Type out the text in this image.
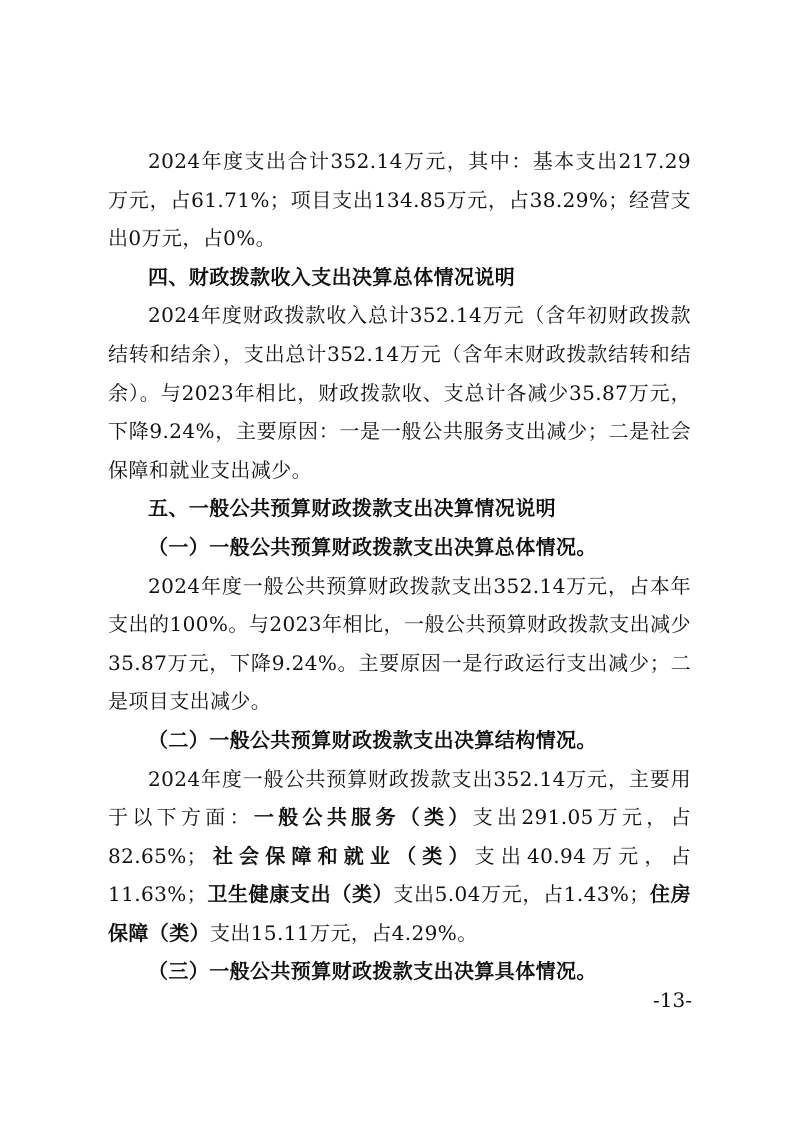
2024年度支出合计352.14万元，其中：基本支出217.29万元，占61.71%；项目支出134.85万元，占38.29%；经营支出0万元，占0%。

四、财政拨款收入支出决算总体情况说明

2024年度财政拨款收入总计352.14万元（含年初财政拨款结转和结余），支出总计352.14万元（含年末财政拨款结转和结余）。与2023年相比，财政拨款收、支总计各减少35.87万元，下降9.24%，主要原因：一是一般公共服务支出减少；二是社会保障和就业支出减少。

五、一般公共预算财政拨款支出决算情况说明

（一）一般公共预算财政拨款支出决算总体情况。

2024年度一般公共预算财政拨款支出352.14万元，占本年支出的100%。与2023年相比，一般公共预算财政拨款支出减少35.87万元，下降9.24%。主要原因一是行政运行支出减少；二是项目支出减少。

（二）一般公共预算财政拨款支出决算结构情况。

2024年度一般公共预算财政拨款支出352.14万元，主要用于以下方面：一般公共服务（类）支出291.05万元，占82.65%；社会保障和就业（类）支出40.94万元，占11.63%；卫生健康支出（类）支出5.04万元，占1.43%；住房保障（类）支出15.11万元，占4.29%。

（三）一般公共预算财政拨款支出决算具体情况。

-13-
